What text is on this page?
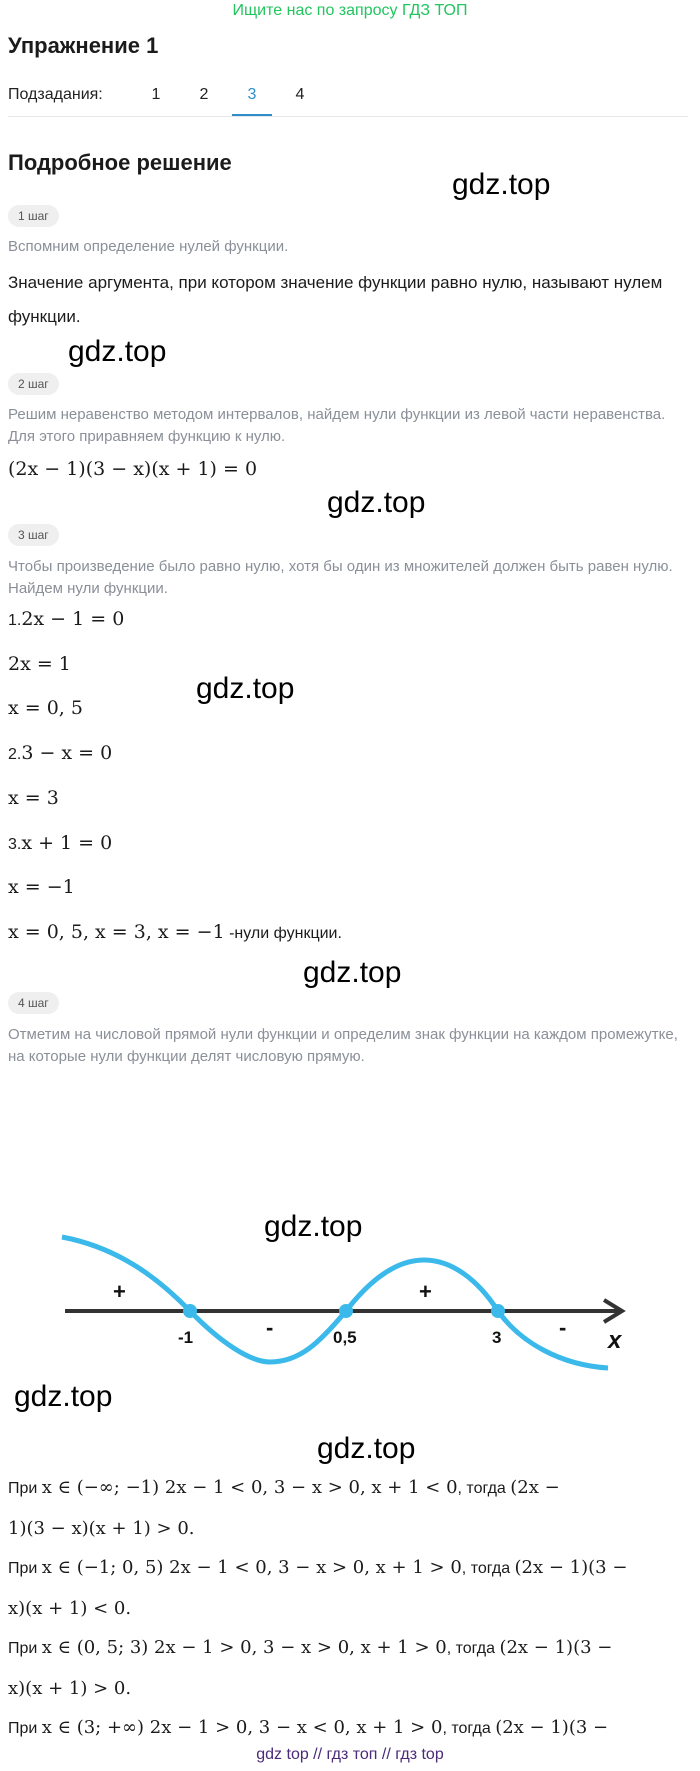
Ищите нас по запросу ГДЗ ТОП
Упражнение 1
Подзадания:	1	2	3	4
Подробное решение
gdz.top
1 шаг
Вспомним определение нулей функции.
Значение аргумента, при котором значение функции равно нулю, называют нулем функции.
gdz.top
2 шаг
Решим неравенство методом интервалов, найдем нули функции из левой части неравенства. Для этого приравняем функцию к нулю.
(2x − 1)(3 − x)(x + 1) = 0
gdz.top
3 шаг
Чтобы произведение было равно нулю, хотя бы один из множителей должен быть равен нулю. Найдем нули функции.
1.2x − 1 = 0
2x = 1
gdz.top
x = 0, 5
2.3 − x = 0
x = 3
3.x + 1 = 0
x = −1
x = 0, 5, x = 3, x = −1 -нули функции.
gdz.top
4 шаг
Отметим на числовой прямой нули функции и определим знак функции на каждом промежутке, на которые нули функции делят числовую прямую.
gdz.top
-1	0,5	3
+
-
+
- x
gdz.top
gdz.top
При x ∈ (−∞; −1) 2x − 1 < 0, 3 − x > 0, x + 1 < 0, тогда (2x −
1)(3 − x)(x + 1) > 0.
При x ∈ (−1; 0, 5) 2x − 1 < 0, 3 − x > 0, x + 1 > 0, тогда (2x − 1)(3 −
x)(x + 1) < 0.
При x ∈ (0, 5; 3) 2x − 1 > 0, 3 − x > 0, x + 1 > 0, тогда (2x − 1)(3 −
x)(x + 1) > 0.
При x ∈ (3; +∞) 2x − 1 > 0, 3 − x < 0, x + 1 > 0, тогда (2x − 1)(3 −
gdz top // гдз топ // гдз top
